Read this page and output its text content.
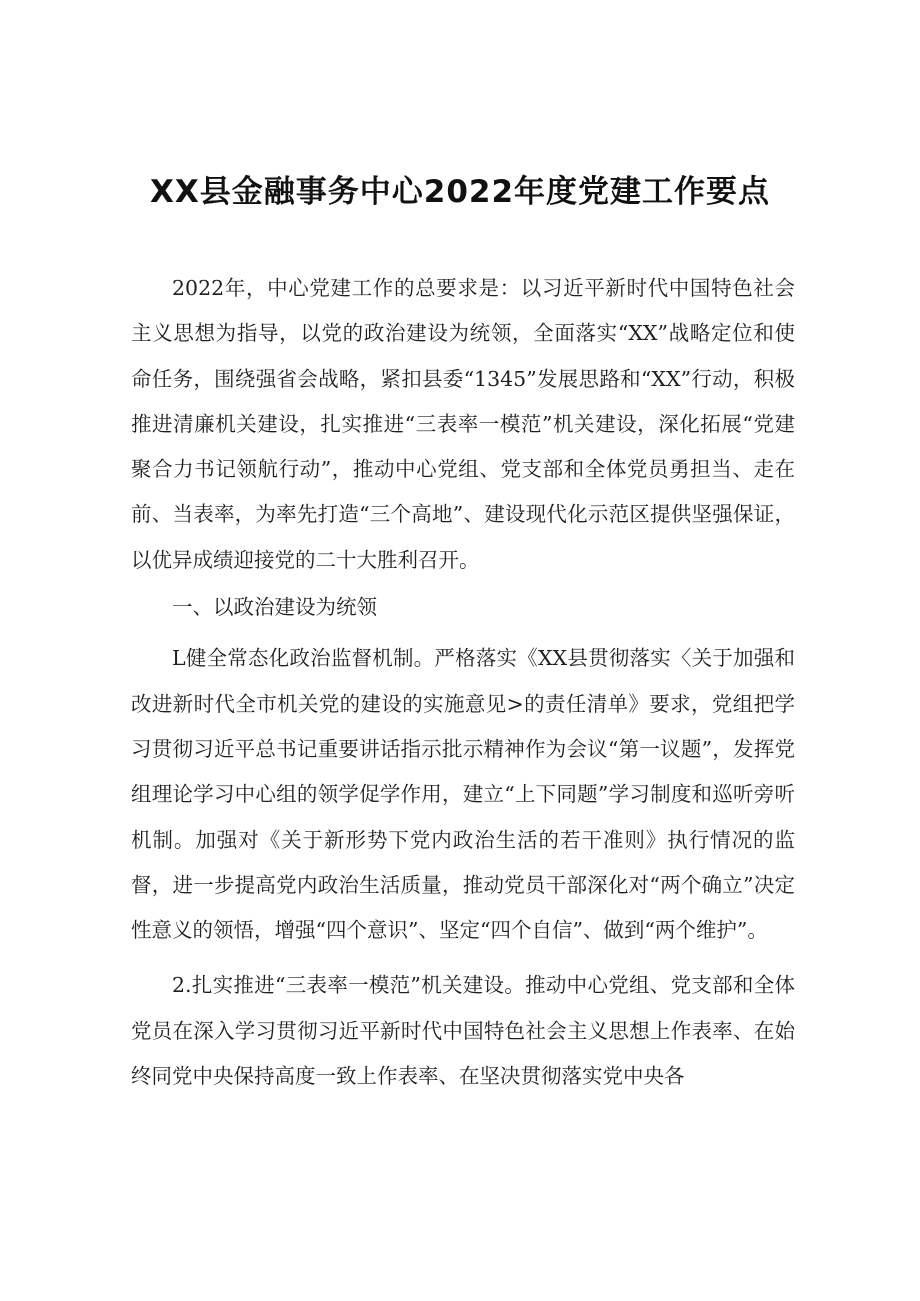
XX县金融事务中心2022年度党建工作要点

2022年，中心党建工作的总要求是：以习近平新时代中国特色社会主义思想为指导，以党的政治建设为统领，全面落实“XX”战略定位和使命任务，围绕强省会战略，紧扣县委“1345”发展思路和“XX”行动，积极推进清廉机关建设，扎实推进“三表率一模范”机关建设，深化拓展“党建聚合力书记领航行动”，推动中心党组、党支部和全体党员勇担当、走在前、当表率，为率先打造“三个高地”、建设现代化示范区提供坚强保证，以优异成绩迎接党的二十大胜利召开。

一、以政治建设为统领

L健全常态化政治监督机制。严格落实《XX县贯彻落实〈关于加强和改进新时代全市机关党的建设的实施意见>的责任清单》要求，党组把学习贯彻习近平总书记重要讲话指示批示精神作为会议“第一议题”，发挥党组理论学习中心组的领学促学作用，建立“上下同题”学习制度和巡听旁听机制。加强对《关于新形势下党内政治生活的若干准则》执行情况的监督，进一步提高党内政治生活质量，推动党员干部深化对“两个确立”决定性意义的领悟，增强“四个意识”、坚定“四个自信”、做到“两个维护”。

2.扎实推进“三表率一模范”机关建设。推动中心党组、党支部和全体党员在深入学习贯彻习近平新时代中国特色社会主义思想上作表率、在始终同党中央保持高度一致上作表率、在坚决贯彻落实党中央各
